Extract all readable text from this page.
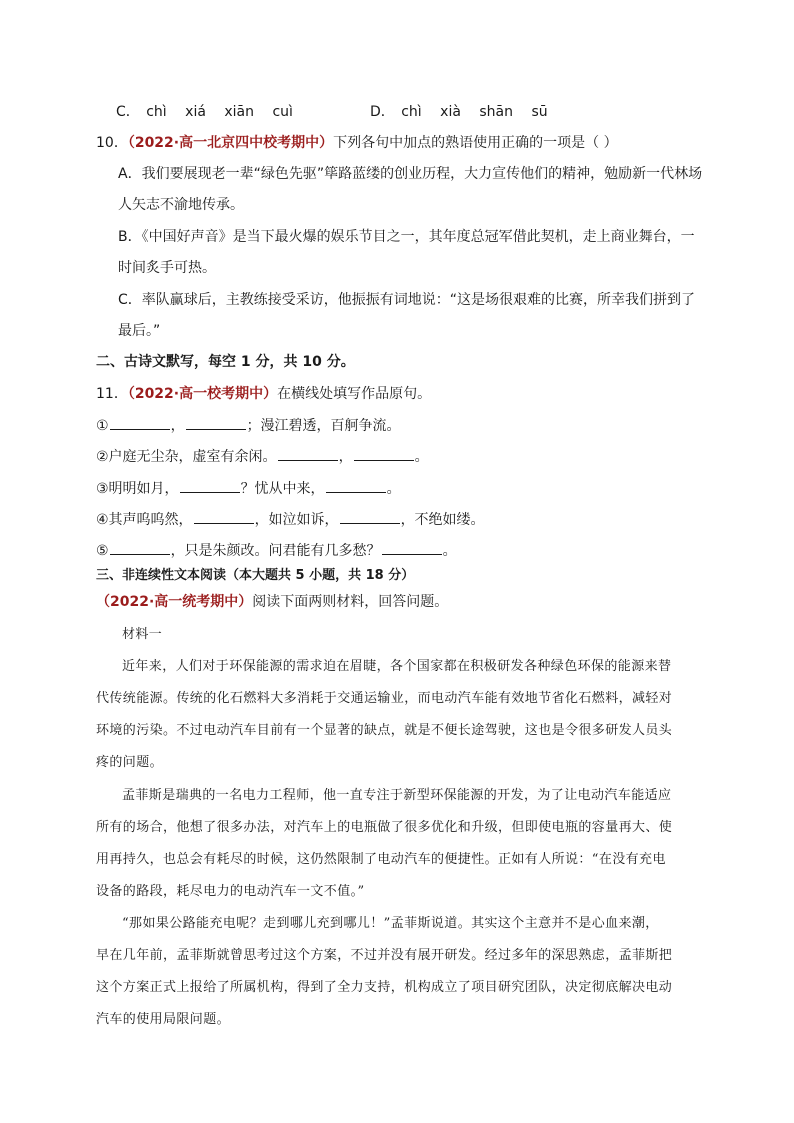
C． chì xiá xiān cuì	D． chì xià shān sū
10．（2022·高一北京四中校考期中）下列各句中加点的熟语使用正确的一项是（ ）
A．我们要展现老一辈“绿色先驱”筚路蓝缕的创业历程，大力宣传他们的精神，勉励新一代林场
人矢志不渝地传承。
B．《中国好声音》是当下最火爆的娱乐节目之一，其年度总冠军借此契机，走上商业舞台，一
时间炙手可热。
C．率队赢球后，主教练接受采访，他振振有词地说：“这是场很艰难的比赛，所幸我们拼到了
最后。”
二、古诗文默写，每空 1 分，共 10 分。
11．（2022·高一校考期中）在横线处填写作品原句。
①	，	；漫江碧透，百舸争流。
②户庭无尘杂，虚室有余闲。	，	。
③明明如月，	？忧从中来，	。
④其声呜呜然，	，如泣如诉，	，不绝如缕。
⑤	，只是朱颜改。问君能有几多愁？	。
三、非连续性文本阅读（本大题共 5 小题，共 18 分）
（2022·高一统考期中）阅读下面两则材料，回答问题。
材料一
近年来，人们对于环保能源的需求迫在眉睫，各个国家都在积极研发各种绿色环保的能源来替
代传统能源。传统的化石燃料大多消耗于交通运输业，而电动汽车能有效地节省化石燃料，减轻对
环境的污染。不过电动汽车目前有一个显著的缺点，就是不便长途驾驶，这也是令很多研发人员头
疼的问题。
孟菲斯是瑞典的一名电力工程师，他一直专注于新型环保能源的开发，为了让电动汽车能适应
所有的场合，他想了很多办法，对汽车上的电瓶做了很多优化和升级，但即使电瓶的容量再大、使
用再持久，也总会有耗尽的时候，这仍然限制了电动汽车的便捷性。正如有人所说：“在没有充电
设备的路段，耗尽电力的电动汽车一文不值。”
“那如果公路能充电呢？走到哪儿充到哪儿！”孟菲斯说道。其实这个主意并不是心血来潮，
早在几年前，孟菲斯就曾思考过这个方案，不过并没有展开研发。经过多年的深思熟虑，孟菲斯把
这个方案正式上报给了所属机构，得到了全力支持，机构成立了项目研究团队，决定彻底解决电动
汽车的使用局限问题。
